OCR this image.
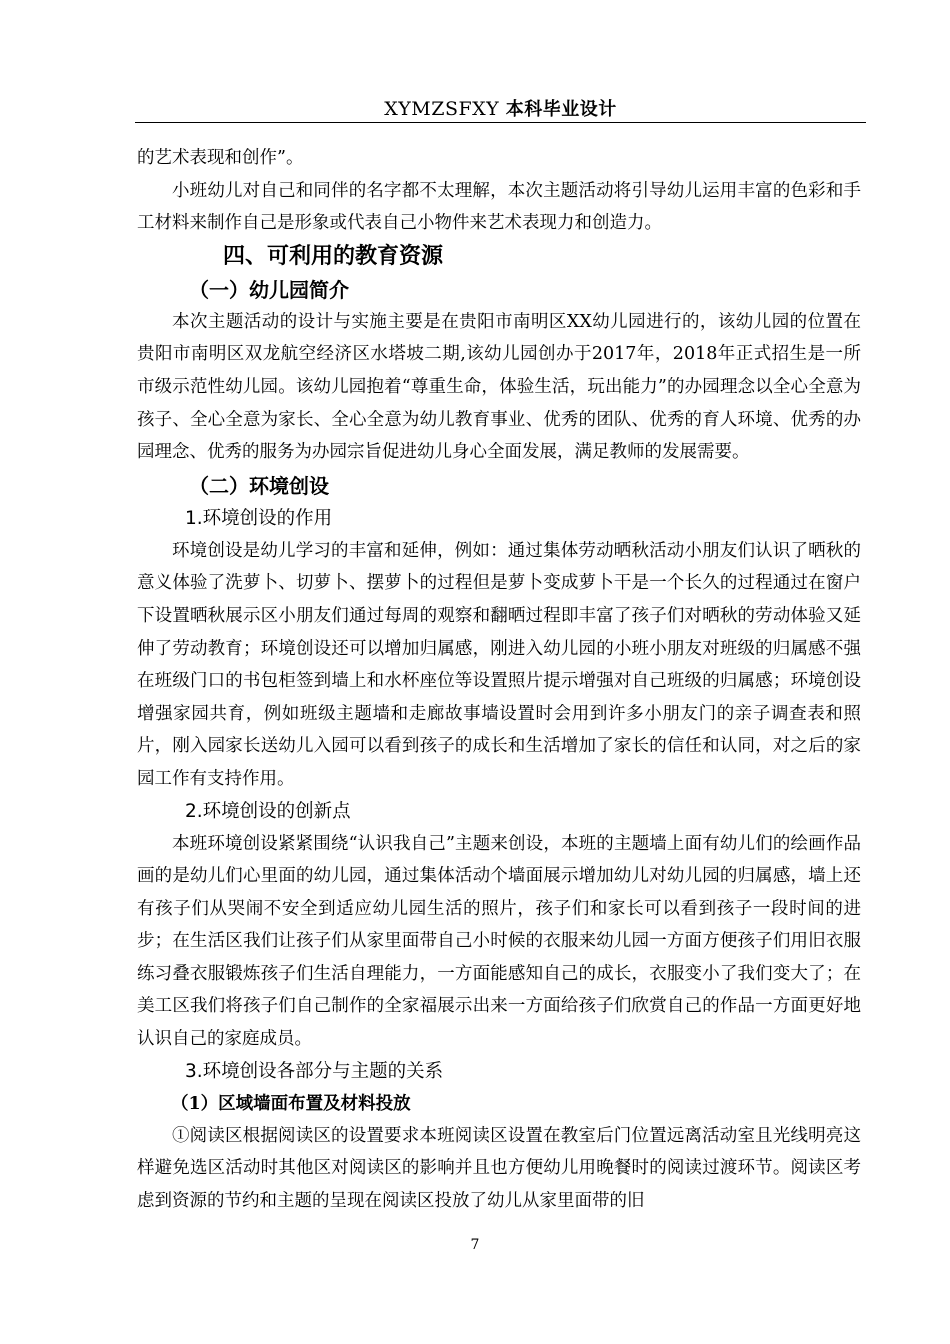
XYMZSFXY 本科毕业设计

的艺术表现和创作”。

小班幼儿对自己和同伴的名字都不太理解，本次主题活动将引导幼儿运用丰富的色彩和手工材料来制作自己是形象或代表自己小物件来艺术表现力和创造力。

四、可利用的教育资源

（一）幼儿园简介

本次主题活动的设计与实施主要是在贵阳市南明区XX幼儿园进行的，该幼儿园的位置在贵阳市南明区双龙航空经济区水塔坡二期,该幼儿园创办于2017年，2018年正式招生是一所市级示范性幼儿园。该幼儿园抱着“尊重生命，体验生活，玩出能力”的办园理念以全心全意为孩子、全心全意为家长、全心全意为幼儿教育事业、优秀的团队、优秀的育人环境、优秀的办园理念、优秀的服务为办园宗旨促进幼儿身心全面发展，满足教师的发展需要。

（二）环境创设

1.环境创设的作用

环境创设是幼儿学习的丰富和延伸，例如：通过集体劳动晒秋活动小朋友们认识了晒秋的意义体验了洗萝卜、切萝卜、摆萝卜的过程但是萝卜变成萝卜干是一个长久的过程通过在窗户下设置晒秋展示区小朋友们通过每周的观察和翻晒过程即丰富了孩子们对晒秋的劳动体验又延伸了劳动教育；环境创设还可以增加归属感，刚进入幼儿园的小班小朋友对班级的归属感不强在班级门口的书包柜签到墙上和水杯座位等设置照片提示增强对自己班级的归属感；环境创设增强家园共育，例如班级主题墙和走廊故事墙设置时会用到许多小朋友门的亲子调查表和照片，刚入园家长送幼儿入园可以看到孩子的成长和生活增加了家长的信任和认同，对之后的家园工作有支持作用。

2.环境创设的创新点

本班环境创设紧紧围绕“认识我自己”主题来创设，本班的主题墙上面有幼儿们的绘画作品画的是幼儿们心里面的幼儿园，通过集体活动个墙面展示增加幼儿对幼儿园的归属感，墙上还有孩子们从哭闹不安全到适应幼儿园生活的照片，孩子们和家长可以看到孩子一段时间的进步；在生活区我们让孩子们从家里面带自己小时候的衣服来幼儿园一方面方便孩子们用旧衣服练习叠衣服锻炼孩子们生活自理能力，一方面能感知自己的成长，衣服变小了我们变大了；在美工区我们将孩子们自己制作的全家福展示出来一方面给孩子们欣赏自己的作品一方面更好地认识自己的家庭成员。

3.环境创设各部分与主题的关系

（1）区域墙面布置及材料投放

①阅读区根据阅读区的设置要求本班阅读区设置在教室后门位置远离活动室且光线明亮这样避免选区活动时其他区对阅读区的影响并且也方便幼儿用晚餐时的阅读过渡环节。阅读区考虑到资源的节约和主题的呈现在阅读区投放了幼儿从家里面带的旧

7
